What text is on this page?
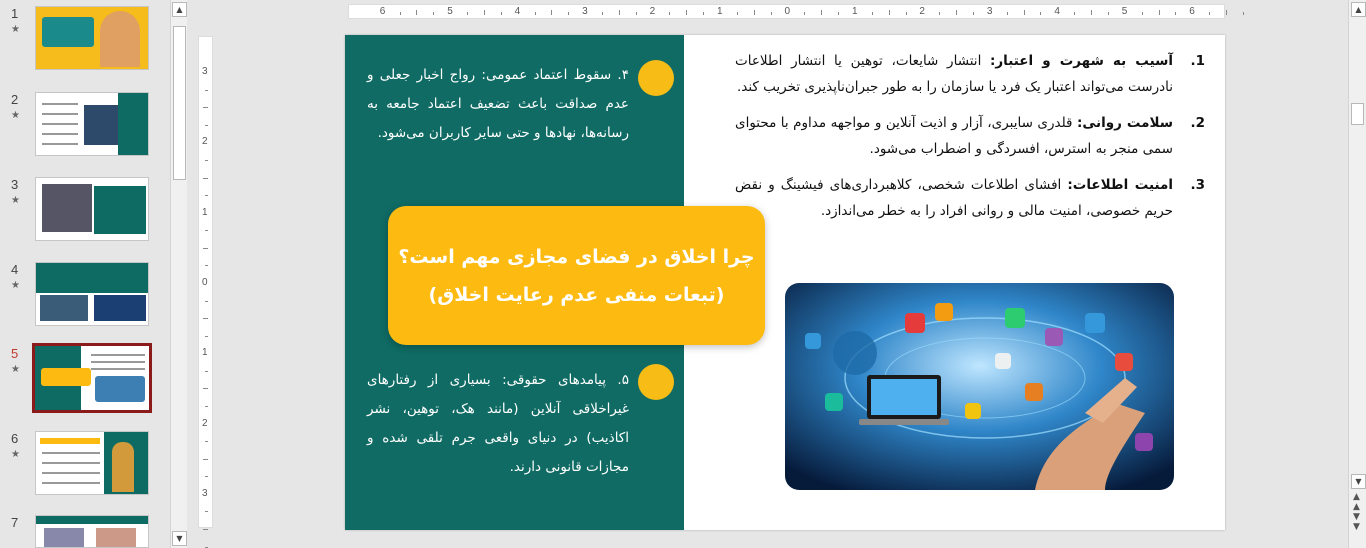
1
★
2
★
3
★
4
★
5
★
6
★
7
▲
▼
6	5	4	3	2	1	0	1	2	3	4	5	6
3
2
1
0
1
2
3
۴. سقوط اعتماد عمومی: رواج اخبار جعلی و عدم صداقت باعث تضعیف اعتماد جامعه به رسانه‌ها، نهادها و حتی سایر کاربران می‌شود.
۵. پیامدهای حقوقی: بسیاری از رفتارهای غیراخلاقی آنلاین (مانند هک، توهین، نشر اکاذیب) در دنیای واقعی جرم تلقی شده و مجازات قانونی دارند.
چرا اخلاق در فضای مجازی مهم است؟
(تبعات منفی عدم رعایت اخلاق)
1.
آسیب به شهرت و اعتبار: انتشار شایعات، توهین یا انتشار اطلاعات نادرست می‌تواند اعتبار یک فرد یا سازمان را به طور جبران‌ناپذیری تخریب کند.
2.
سلامت روانی: قلدری سایبری، آزار و اذیت آنلاین و مواجهه مداوم با محتوای سمی منجر به استرس، افسردگی و اضطراب می‌شود.
3.
امنیت اطلاعات: افشای اطلاعات شخصی، کلاهبرداری‌های فیشینگ و نقض حریم خصوصی، امنیت مالی و روانی افراد را به خطر می‌اندازد.
▲
▼
▲
▲
▼
▼
